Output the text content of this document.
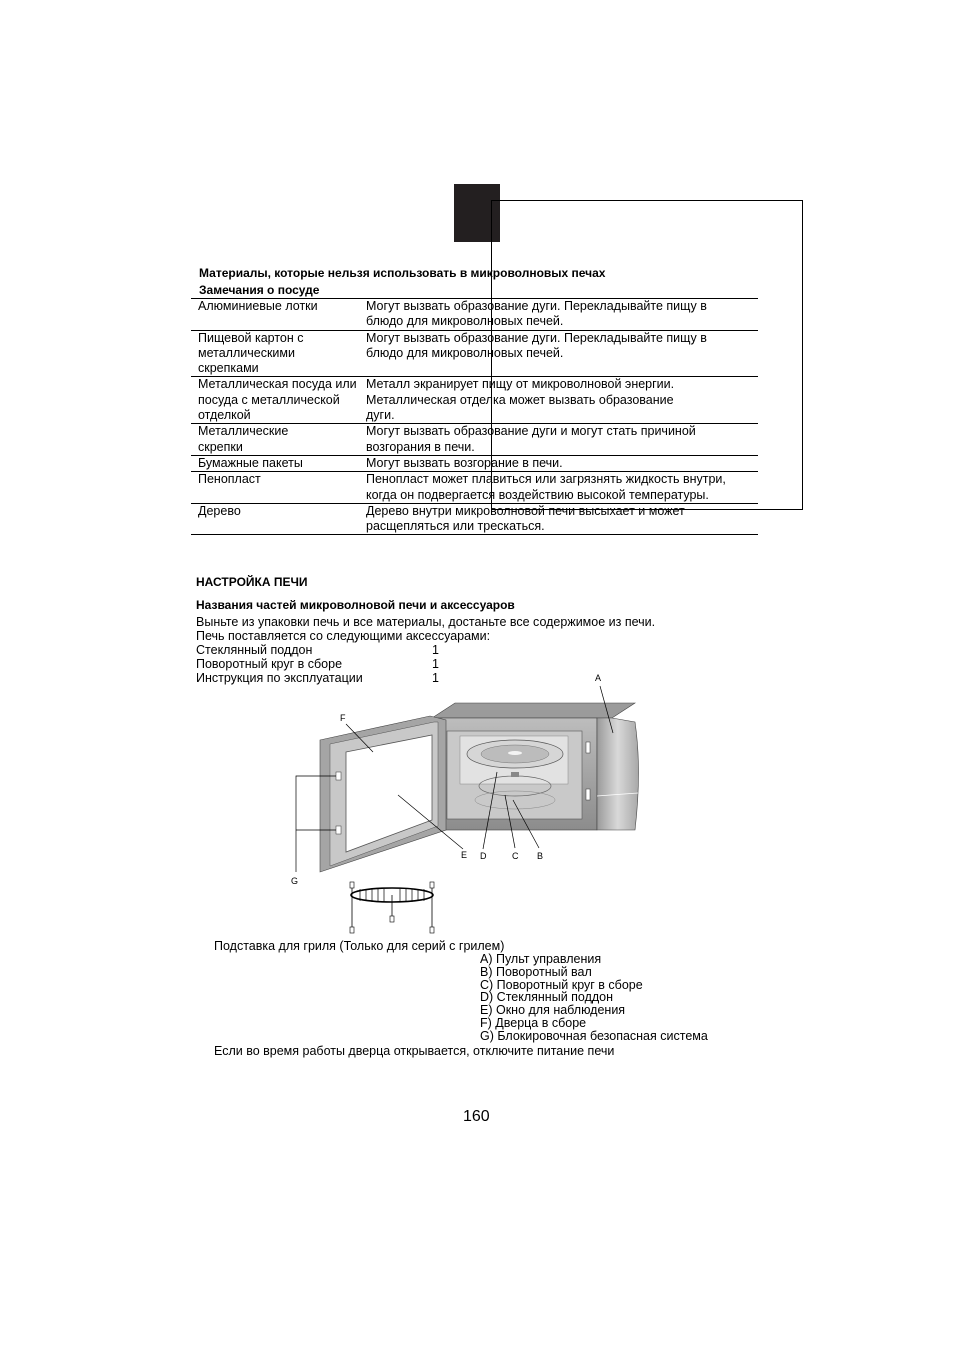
Материалы, которые нельзя использовать в микроволновых печах
Замечания о посуде
Алюминиевые лотки	Могут вызвать образование дуги. Перекладывайте пищу в блюдо для микроволновых печей.
Пищевой картон с металлическими скрепками	Могут вызвать образование дуги. Перекладывайте пищу в блюдо для микроволновых печей.
Металлическая посуда или посуда с металлической отделкой	Металл экранирует пищу от микроволновой энергии. Металлическая отделка может вызвать образование дуги.
Металлические скрепки	Могут вызвать образование дуги и могут стать причиной возгорания в печи.
Бумажные пакеты	Могут вызвать возгорание в печи.
Пенопласт	Пенопласт может плавиться или загрязнять жидкость внутри, когда он подвергается воздействию высокой температуры.
Дерево	Дерево внутри микроволновой печи высыхает и может расщепляться или трескаться.
НАСТРОЙКА ПЕЧИ
Названия частей микроволновой печи и аксессуаров
Выньте из упаковки печь и все материалы, достаньте все содержимое из печи.
Печь поставляется со следующими аксессуарами:
Стеклянный поддон	1
Поворотный круг в сборе	1
Инструкция по эксплуатации	1	A
F
E D	C B
G
Подставка для гриля (Только для серий с грилем)
A) Пульт управления
B) Поворотный вал
C) Поворотный круг в сборе
D) Стеклянный поддон
E) Окно для наблюдения
F) Дверца в сборе
G) Блокировочная безопасная система
Если во время работы дверца открывается, отключите питание печи
160
